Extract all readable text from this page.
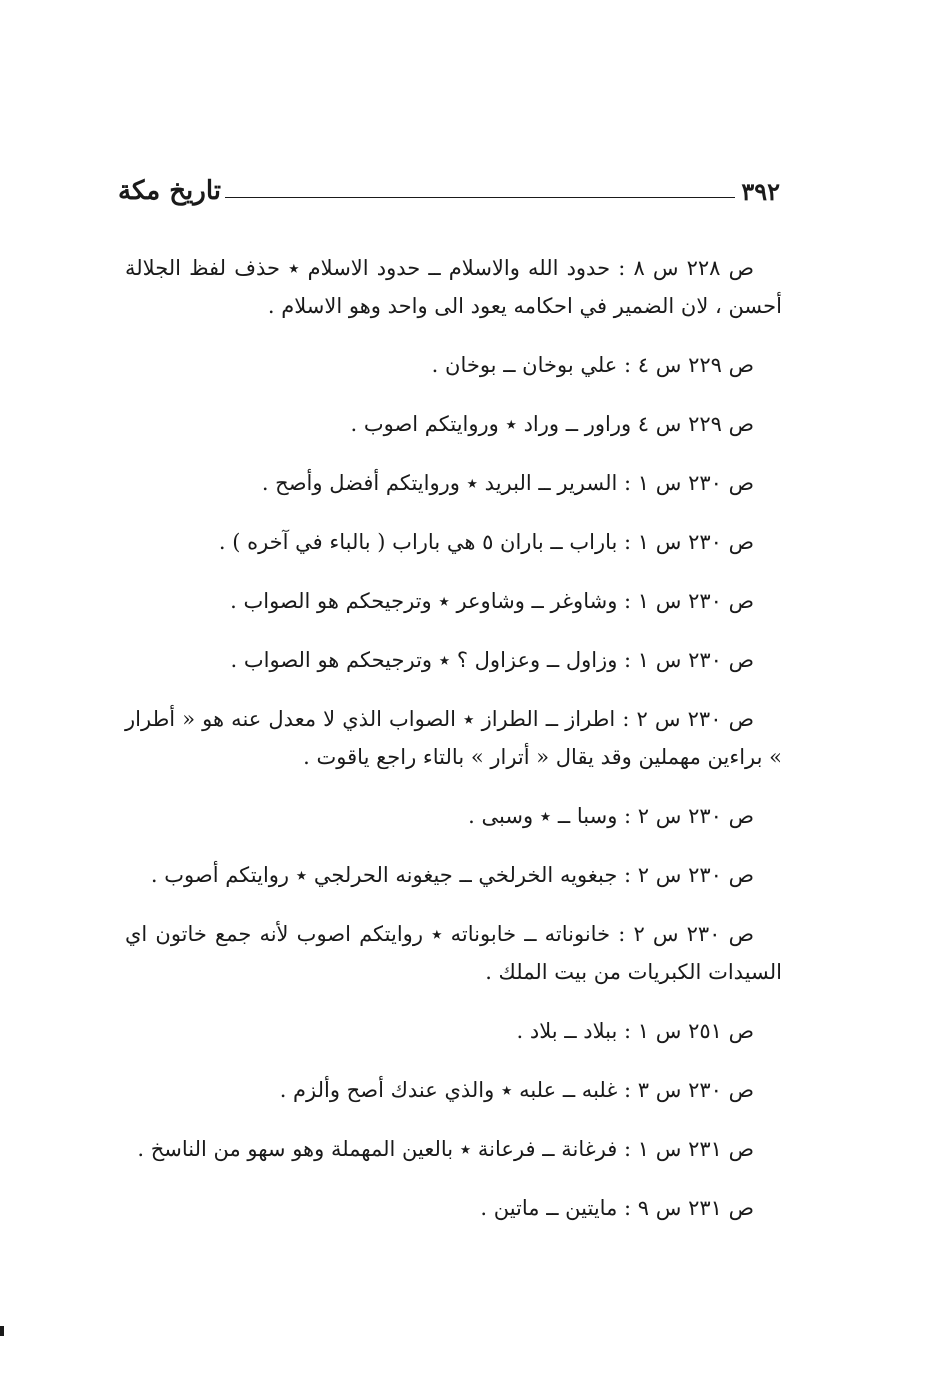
٣٩٢
تاريخ مكة

ص ٢٢٨ س ٨ : حدود الله والاسلام ــ حدود الاسلام ٭ حذف لفظ الجلالة أحسن ، لان الضمير في احكامه يعود الى واحد وهو الاسلام .

ص ٢٢٩ س ٤ : علي بوخان ــ بوخان .

ص ٢٢٩ س ٤ وراور ــ وراد ٭ وروايتكم اصوب .

ص ٢٣٠ س ١ : السرير ــ البريد ٭ وروايتكم أفضل وأصح .

ص ٢٣٠ س ١ : باراب ــ باران ٥ هي باراب ( بالباء في آخره ) .

ص ٢٣٠ س ١ : وشاوغر ــ وشاوعر ٭ وترجيحكم هو الصواب .

ص ٢٣٠ س ١ : وزاول ــ وعزاول ؟ ٭ وترجيحكم هو الصواب .

ص ٢٣٠ س ٢ : اطراز ــ الطراز ٭ الصواب الذي لا معدل عنه هو « أطرار » براءين مهملين وقد يقال « أترار » بالتاء راجع ياقوت .

ص ٢٣٠ س ٢ : وسبا ــ ٭ وسبى .

ص ٢٣٠ س ٢ : جبغويه الخرلخي ــ جيغونه الحرلجي ٭ روايتكم أصوب .

ص ٢٣٠ س ٢ : خانوناته ــ خابوناته ٭ روايتكم اصوب لأنه جمع خاتون اي السيدات الكبريات من بيت الملك .

ص ٢٥١ س ١ : ببلاد ــ بلاد .

ص ٢٣٠ س ٣ : غلبه ــ علبه ٭ والذي عندك أصح وألزم .

ص ٢٣١ س ١ : فرغانة ــ فرعانة ٭ بالعين المهملة وهو سهو من الناسخ .

ص ٢٣١ س ٩ : مايتين ــ ماتين .
